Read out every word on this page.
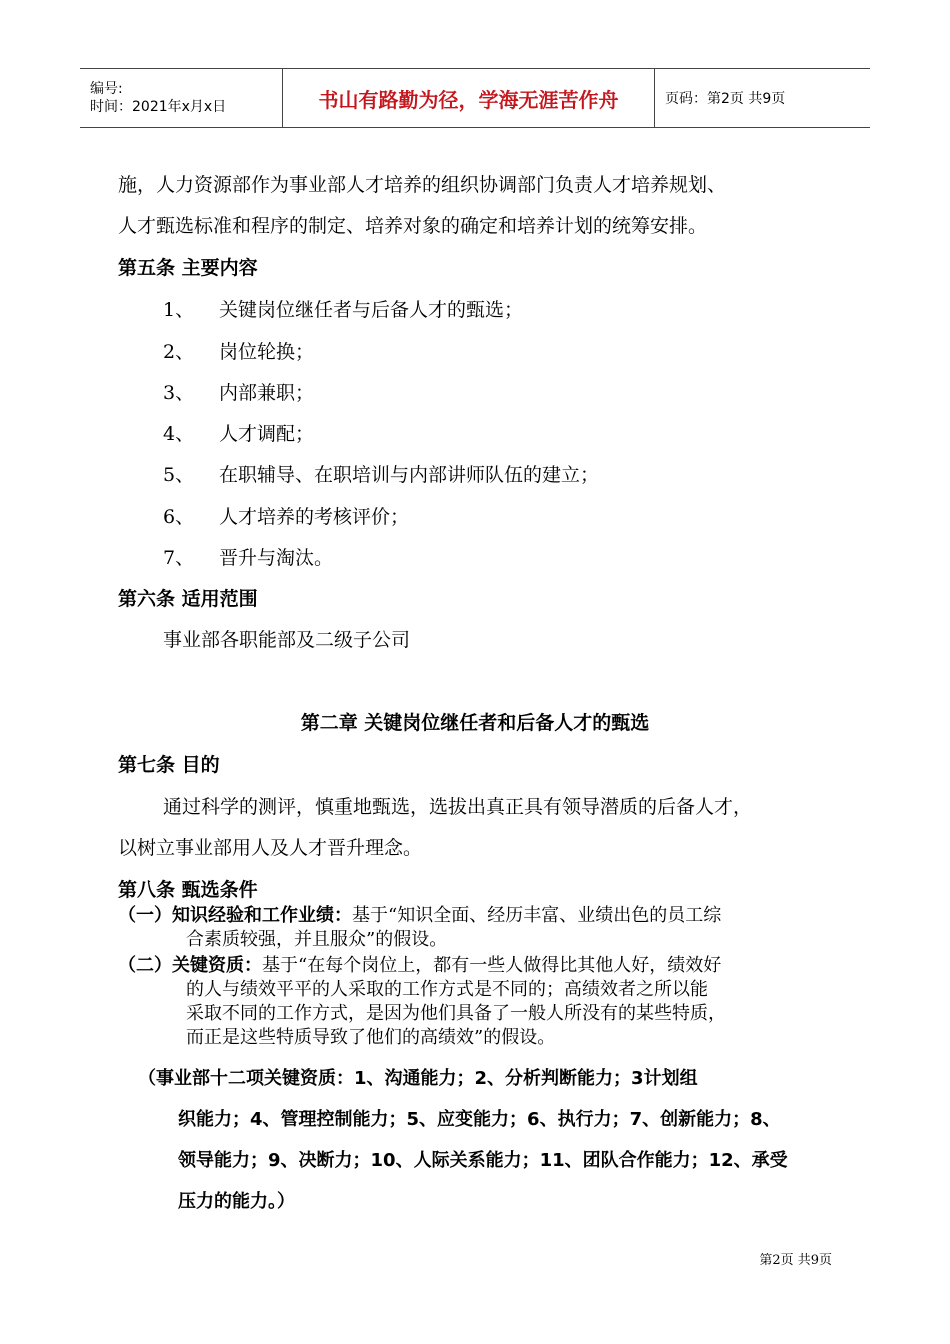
编号:
时间：2021年x月x日	书山有路勤为径，学海无涯苦作舟	页码：第2页 共9页
施，人力资源部作为事业部人才培养的组织协调部门负责人才培养规划、
人才甄选标准和程序的制定、培养对象的确定和培养计划的统筹安排。
第五条 主要内容
1、 关键岗位继任者与后备人才的甄选；
2、 岗位轮换；
3、 内部兼职；
4、 人才调配；
5、 在职辅导、在职培训与内部讲师队伍的建立；
6、 人才培养的考核评价；
7、 晋升与淘汰。
第六条 适用范围
事业部各职能部及二级子公司
第二章 关键岗位继任者和后备人才的甄选
第七条 目的
通过科学的测评，慎重地甄选，选拔出真正具有领导潜质的后备人才，
以树立事业部用人及人才晋升理念。
第八条 甄选条件
（一）知识经验和工作业绩：基于“知识全面、经历丰富、业绩出色的员工综
合素质较强，并且服众”的假设。
（二）关键资质：基于“在每个岗位上，都有一些人做得比其他人好，绩效好
的人与绩效平平的人采取的工作方式是不同的；高绩效者之所以能
采取不同的工作方式，是因为他们具备了一般人所没有的某些特质，
而正是这些特质导致了他们的高绩效”的假设。
（事业部十二项关键资质：1、沟通能力；2、分析判断能力；3计划组
织能力；4、管理控制能力；5、应变能力；6、执行力；7、创新能力；8、
领导能力；9、决断力；10、人际关系能力；11、团队合作能力；12、承受
压力的能力。）
第2页 共9页
